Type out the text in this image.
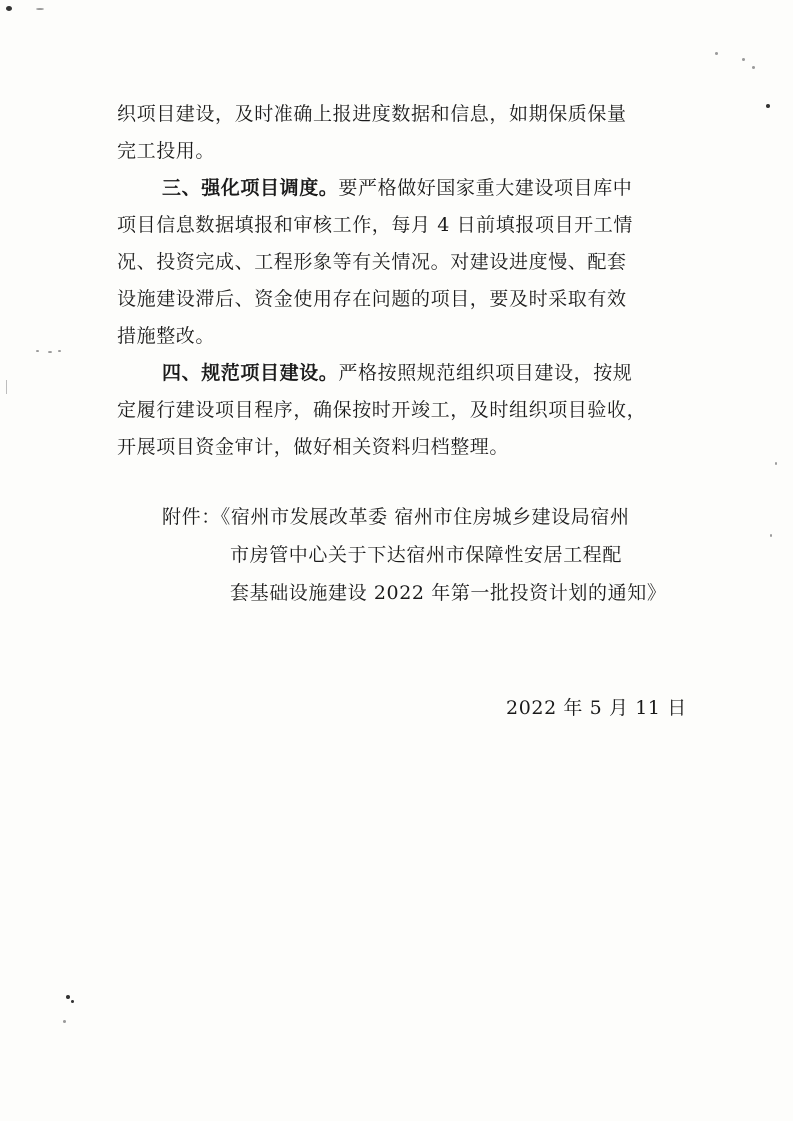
织项目建设，及时准确上报进度数据和信息，如期保质保量
完工投用。
三、强化项目调度。要严格做好国家重大建设项目库中
项目信息数据填报和审核工作，每月 4 日前填报项目开工情
况、投资完成、工程形象等有关情况。对建设进度慢、配套
设施建设滞后、资金使用存在问题的项目，要及时采取有效
措施整改。
四、规范项目建设。严格按照规范组织项目建设，按规
定履行建设项目程序，确保按时开竣工，及时组织项目验收，
开展项目资金审计，做好相关资料归档整理。
附件：《宿州市发展改革委 宿州市住房城乡建设局宿州
市房管中心关于下达宿州市保障性安居工程配
套基础设施建设 2022 年第一批投资计划的通知》
2022 年 5 月 11 日
